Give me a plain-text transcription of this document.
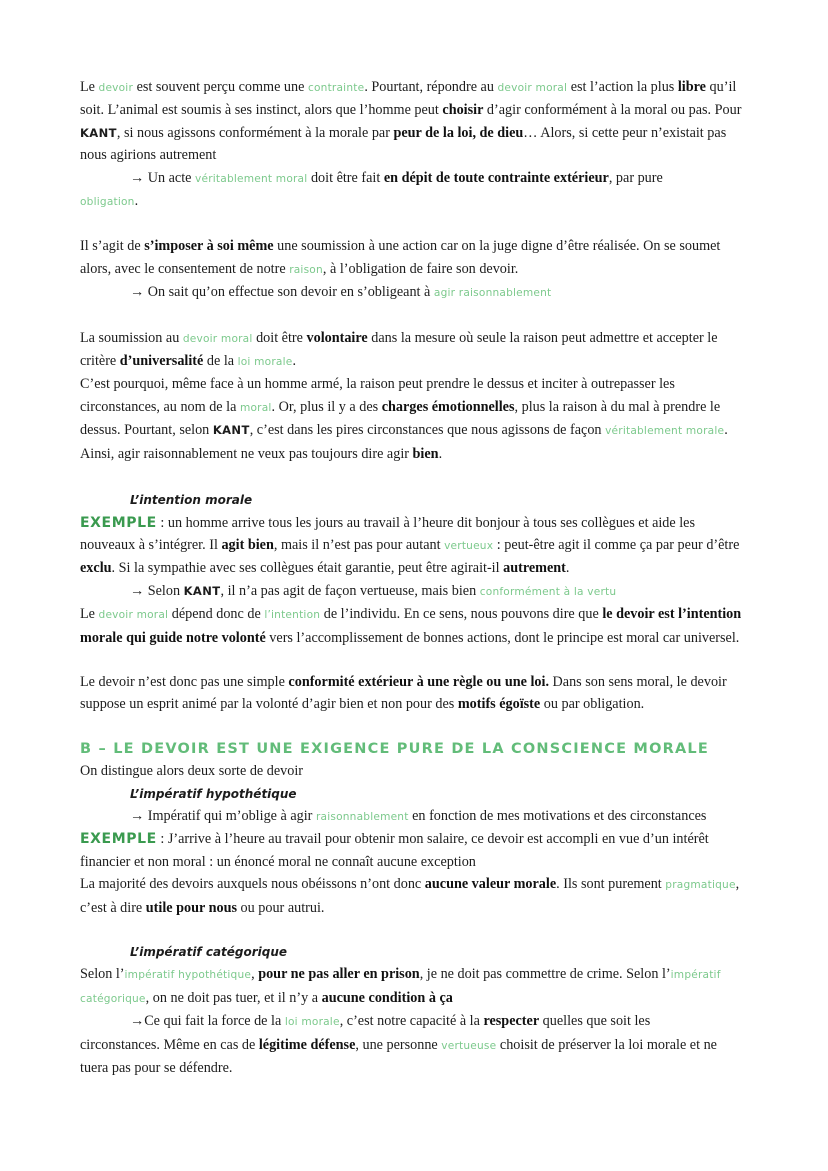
Le devoir est souvent perçu comme une contrainte. Pourtant, répondre au devoir moral est l’action la plus libre qu’il soit. L’animal est soumis à ses instinct, alors que l’homme peut choisir d’agir conformément à la moral ou pas. Pour KANT, si nous agissons conformément à la morale par peur de la loi, de dieu… Alors, si cette peur n’existait pas nous agirions autrement

→ Un acte véritablement moral doit être fait en dépit de toute contrainte extérieur, par pure

obligation.

Il s’agit de s’imposer à soi même une soumission à une action car on la juge digne d’être réalisée. On se soumet alors, avec le consentement de notre raison, à l’obligation de faire son devoir.

→ On sait qu’on effectue son devoir en s’obligeant à agir raisonnablement

La soumission au devoir moral doit être volontaire dans la mesure où seule la raison peut admettre et accepter le critère d’universalité de la loi morale.

C’est pourquoi, même face à un homme armé, la raison peut prendre le dessus et inciter à outrepasser les circonstances, au nom de la moral. Or, plus il y a des charges émotionnelles, plus la raison à du mal à prendre le dessus. Pourtant, selon KANT, c’est dans les pires circonstances que nous agissons de façon véritablement morale. Ainsi, agir raisonnablement ne veux pas toujours dire agir bien.

L’intention morale

EXEMPLE : un homme arrive tous les jours au travail à l’heure dit bonjour à tous ses collègues et aide les nouveaux à s’intégrer. Il agit bien, mais il n’est pas pour autant vertueux : peut-être agit il comme ça par peur d’être exclu. Si la sympathie avec ses collègues était garantie, peut être agirait-il autrement.

→ Selon KANT, il n’a pas agit de façon vertueuse, mais bien conformément à la vertu

Le devoir moral dépend donc de l’intention de l’individu. En ce sens, nous pouvons dire que le devoir est l’intention morale qui guide notre volonté vers l’accomplissement de bonnes actions, dont le principe est moral car universel.

Le devoir n’est donc pas une simple conformité extérieur à une règle ou une loi. Dans son sens moral, le devoir suppose un esprit animé par la volonté d’agir bien et non pour des motifs égoïste ou par obligation.

B – LE DEVOIR EST UNE EXIGENCE PURE DE LA CONSCIENCE MORALE

On distingue alors deux sorte de devoir

L’impératif hypothétique

→ Impératif qui m’oblige à agir raisonnablement en fonction de mes motivations et des circonstances

EXEMPLE : J’arrive à l’heure au travail pour obtenir mon salaire, ce devoir est accompli en vue d’un intérêt financier et non moral : un énoncé moral ne connaît aucune exception

La majorité des devoirs auxquels nous obéissons n’ont donc aucune valeur morale. Ils sont purement pragmatique, c’est à dire utile pour nous ou pour autrui.

L’impératif catégorique

Selon l’impératif hypothétique, pour ne pas aller en prison, je ne doit pas commettre de crime. Selon l’impératif catégorique, on ne doit pas tuer, et il n’y a aucune condition à ça

→Ce qui fait la force de la loi morale, c’est notre capacité à la respecter quelles que soit les

circonstances. Même en cas de légitime défense, une personne vertueuse choisit de préserver la loi morale et ne tuera pas pour se défendre.
